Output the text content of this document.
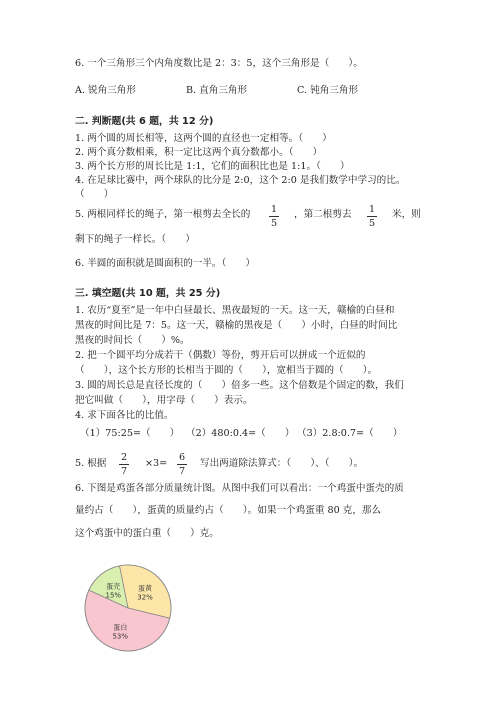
6. 一个三角形三个内角度数比是 2：3：5，这个三角形是（　　）。
A. 锐角三角形	B. 直角三角形	C. 钝角三角形
二. 判断题(共 6 题，共 12 分)
1. 两个圆的周长相等，这两个圆的直径也一定相等。（　　）
2. 两个真分数相乘，积一定比这两个真分数都小。（　　）
3. 两个长方形的周长比是 1:1，它们的面积比也是 1:1。（　　）
4. 在足球比赛中，两个球队的比分是 2:0，这个 2:0 是我们数学中学习的比。
（　　）
5. 两根同样长的绳子，第一根剪去全长的	1
5
，第二根剪去	1
5
米，则
剩下的绳子一样长。（　　）
6. 半圆的面积就是圆面积的一半。（　　）
三. 填空题(共 10 题，共 25 分)
1. 农历“夏至”是一年中白昼最长、黑夜最短的一天。这一天，赣榆的白昼和
黑夜的时间比是 7：5。这一天，赣榆的黑夜是（　　）小时，白昼的时间比
黑夜的时间长（　　）%。
2. 把一个圆平均分成若干（偶数）等份，剪开后可以拼成一个近似的
（　　），这个长方形的长相当于圆的（　　），宽相当于圆的（　　）。
3. 圆的周长总是直径长度的（　　）倍多一些。这个倍数是个固定的数，我们
把它叫做（　　），用字母（　　）表示。
4. 求下面各比的比值。
（1）75:25=（　　） （2）480:0.4=（　　） （3）2.8:0.7=（　　）
5. 根据
2
7
×3=
6
7
写出两道除法算式：（　　）、（　　）。
6. 下图是鸡蛋各部分质量统计图。从图中我们可以看出：一个鸡蛋中蛋壳的质
量约占（　　），蛋黄的质量约占（　　）。如果一个鸡蛋重 80 克，那么
这个鸡蛋中的蛋白重（　　）克。
蛋黄
32%
蛋白
53%
蛋壳
15%
